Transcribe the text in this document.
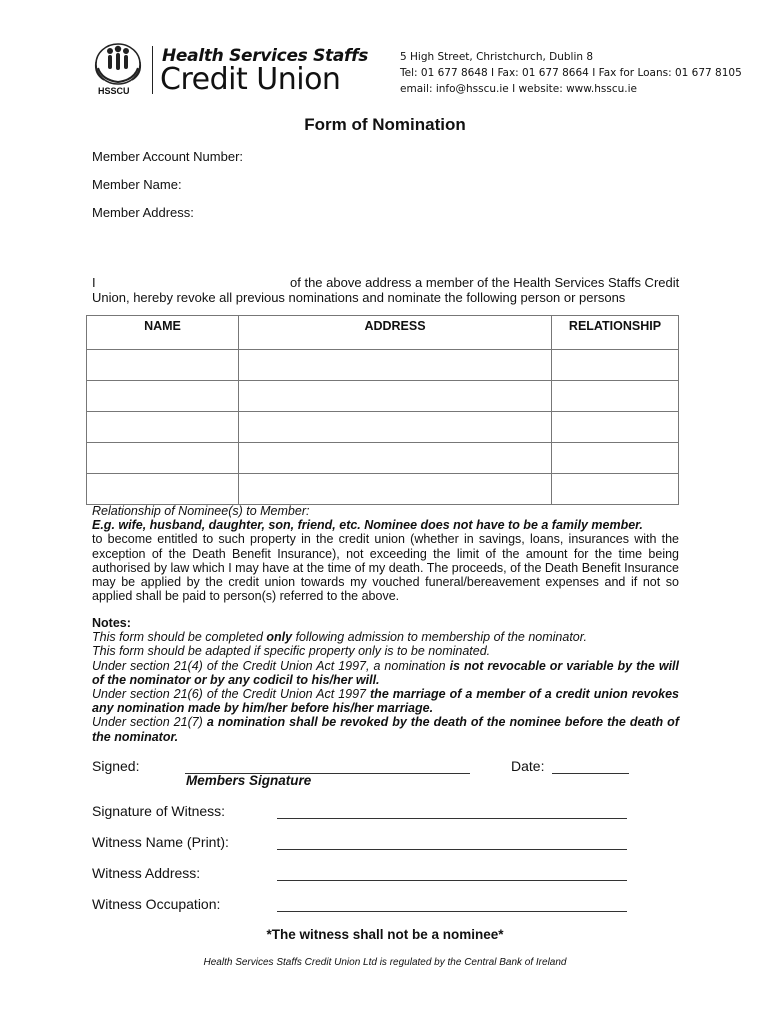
HSSCU
Health Services Staffs
Credit Union
5 High Street, Christchurch, Dublin 8
Tel: 01 677 8648 I Fax: 01 677 8664 I Fax for Loans: 01 677 8105
email: info@hsscu.ie I website: www.hsscu.ie
Form of Nomination
Member Account Number:
Member Name:
Member Address:
I	of the above address a member of the Health Services Staffs Credit
Union, hereby revoke all previous nominations and nominate the following person or persons
NAME	ADDRESS	RELATIONSHIP

Relationship of Nominee(s) to Member:
E.g. wife, husband, daughter, son, friend, etc. Nominee does not have to be a family member.
to become entitled to such property in the credit union (whether in savings, loans, insurances with the exception of the Death Benefit Insurance), not exceeding the limit of the amount for the time being authorised by law which I may have at the time of my death. The proceeds, of the Death Benefit Insurance may be applied by the credit union towards my vouched funeral/bereavement expenses and if not so applied shall be paid to person(s) referred to the above.
Notes:
This form should be completed only following admission to membership of the nominator.
This form should be adapted if specific property only is to be nominated.
Under section 21(4) of the Credit Union Act 1997, a nomination is not revocable or variable by the will of the nominator or by any codicil to his/her will.
Under section 21(6) of the Credit Union Act 1997 the marriage of a member of a credit union revokes any nomination made by him/her before his/her marriage.
Under section 21(7) a nomination shall be revoked by the death of the nominee before the death of the nominator.
Signed:
Members Signature
Date:
Signature of Witness:
Witness Name (Print):
Witness Address:
Witness Occupation:
*The witness shall not be a nominee*
Health Services Staffs Credit Union Ltd is regulated by the Central Bank of Ireland
